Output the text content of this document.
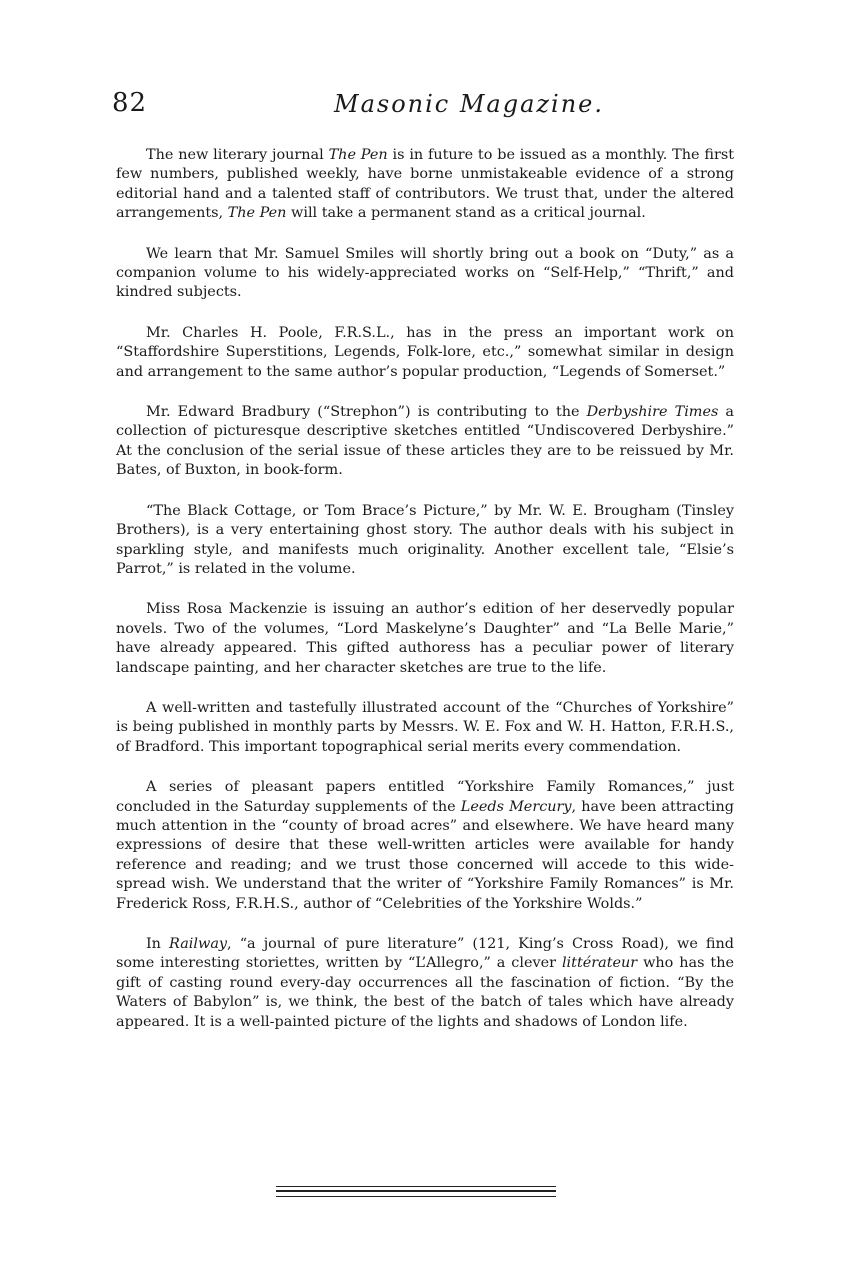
82	Masonic Magazine.

The new literary journal The Pen is in future to be issued as a monthly. The first few numbers, published weekly, have borne unmistakeable evidence of a strong editorial hand and a talented staff of contributors. We trust that, under the altered arrangements, The Pen will take a permanent stand as a critical journal.

We learn that Mr. Samuel Smiles will shortly bring out a book on “Duty,” as a companion volume to his widely-appreciated works on “Self-Help,” “Thrift,” and kindred subjects.

Mr. Charles H. Poole, F.R.S.L., has in the press an important work on “Staffordshire Superstitions, Legends, Folk-lore, etc.,” somewhat similar in design and arrangement to the same author’s popular production, “Legends of Somerset.”

Mr. Edward Bradbury (“Strephon”) is contributing to the Derbyshire Times a collection of picturesque descriptive sketches entitled “Undiscovered Derbyshire.” At the conclusion of the serial issue of these articles they are to be reissued by Mr. Bates, of Buxton, in book-form.

“The Black Cottage, or Tom Brace’s Picture,” by Mr. W. E. Brougham (Tinsley Brothers), is a very entertaining ghost story. The author deals with his subject in sparkling style, and manifests much originality. Another excellent tale, “Elsie’s Parrot,” is related in the volume.

Miss Rosa Mackenzie is issuing an author’s edition of her deservedly popular novels. Two of the volumes, “Lord Maskelyne’s Daughter” and “La Belle Marie,” have already appeared. This gifted authoress has a peculiar power of literary landscape painting, and her character sketches are true to the life.

A well-written and tastefully illustrated account of the “Churches of Yorkshire” is being published in monthly parts by Messrs. W. E. Fox and W. H. Hatton, F.R.H.S., of Bradford. This important topographical serial merits every commendation.

A series of pleasant papers entitled “Yorkshire Family Romances,” just concluded in the Saturday supplements of the Leeds Mercury, have been attracting much attention in the “county of broad acres” and elsewhere. We have heard many expressions of desire that these well-written articles were available for handy reference and reading; and we trust those concerned will accede to this wide-spread wish. We understand that the writer of “Yorkshire Family Romances” is Mr. Frederick Ross, F.R.H.S., author of “Celebrities of the Yorkshire Wolds.”

In Railway, “a journal of pure literature” (121, King’s Cross Road), we find some interesting storiettes, written by “L’Allegro,” a clever littérateur who has the gift of casting round every-day occurrences all the fascination of fiction. “By the Waters of Babylon” is, we think, the best of the batch of tales which have already appeared. It is a well-painted picture of the lights and shadows of London life.
